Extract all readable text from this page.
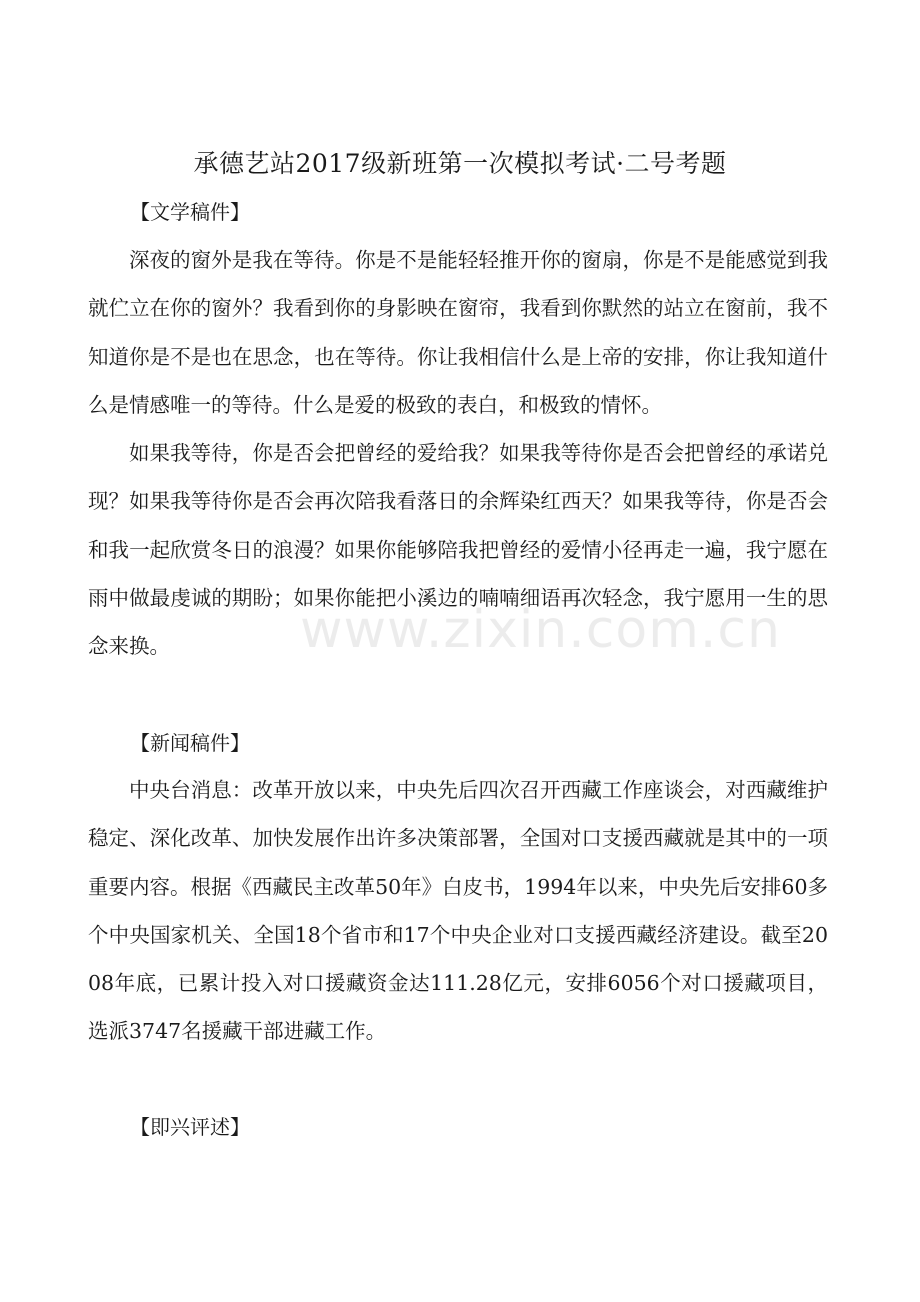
承德艺站2017级新班第一次模拟考试·二号考题
【文学稿件】

深夜的窗外是我在等待。你是不是能轻轻推开你的窗扇，你是不是能感觉到我就伫立在你的窗外？我看到你的身影映在窗帘，我看到你默然的站立在窗前，我不知道你是不是也在思念，也在等待。你让我相信什么是上帝的安排，你让我知道什么是情感唯一的等待。什么是爱的极致的表白，和极致的情怀。

如果我等待，你是否会把曾经的爱给我？如果我等待你是否会把曾经的承诺兑现？如果我等待你是否会再次陪我看落日的余辉染红西天？如果我等待，你是否会和我一起欣赏冬日的浪漫？如果你能够陪我把曾经的爱情小径再走一遍，我宁愿在雨中做最虔诚的期盼；如果你能把小溪边的喃喃细语再次轻念，我宁愿用一生的思念来换。

【新闻稿件】

中央台消息：改革开放以来，中央先后四次召开西藏工作座谈会，对西藏维护稳定、深化改革、加快发展作出许多决策部署，全国对口支援西藏就是其中的一项重要内容。根据《西藏民主改革50年》白皮书，1994年以来，中央先后安排60多个中央国家机关、全国18个省市和17个中央企业对口支援西藏经济建设。截至2008年底，已累计投入对口援藏资金达111.28亿元，安排6056个对口援藏项目，选派3747名援藏干部进藏工作。

【即兴评述】
www.zixin.com.cn
